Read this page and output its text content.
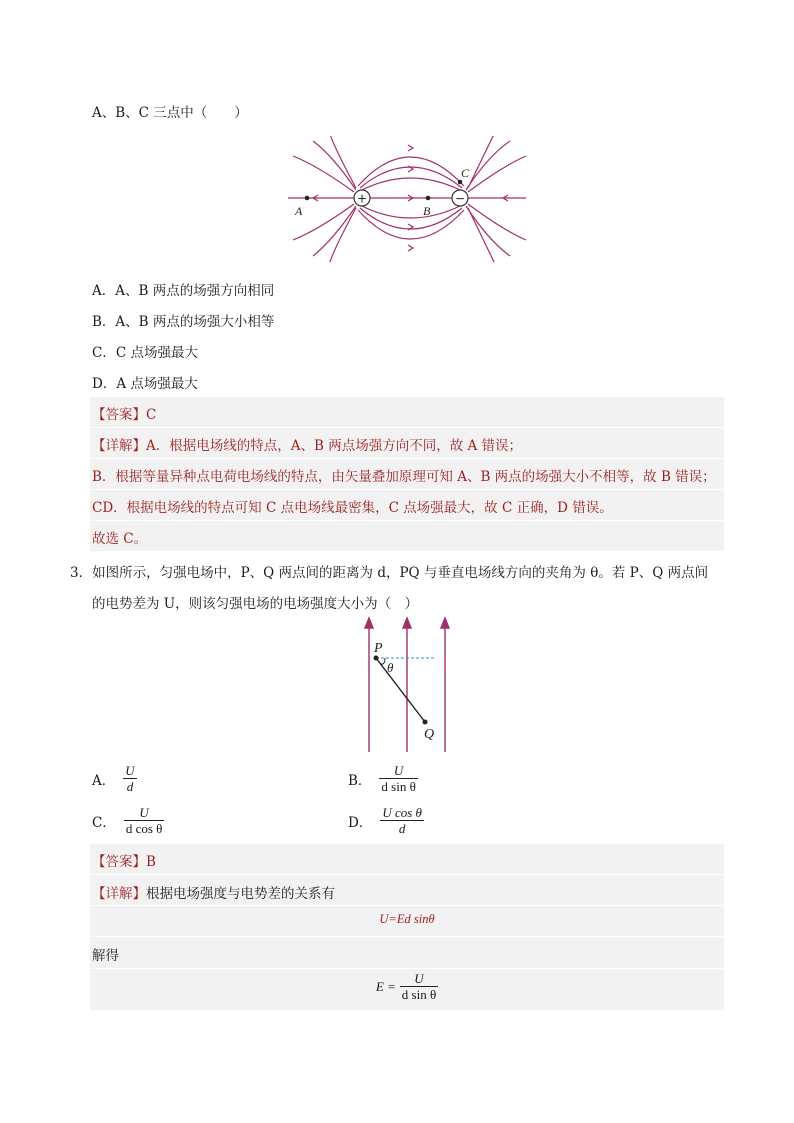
A、B、C 三点中（　　）
+	−
A	B
C
A．A、B 两点的场强方向相同
B．A、B 两点的场强大小相等
C．C 点场强最大
D．A 点场强最大
【答案】C
【详解】A．根据电场线的特点，A、B 两点场强方向不同，故 A 错误；
B．根据等量异种点电荷电场线的特点，由矢量叠加原理可知 A、B 两点的场强大小不相等，故 B 错误；
CD．根据电场线的特点可知 C 点电场线最密集，C 点场强最大，故 C 正确，D 错误。
故选 C。
3．如图所示，匀强电场中，P、Q 两点间的距离为 d，PQ 与垂直电场线方向的夹角为 θ。若 P、Q 两点间
的电势差为 U，则该匀强电场的电场强度大小为（　）
P
θ
Q
A． $\frac{U}{d}$	B． $\frac{U}{\text{d sin θ}}$
C． $\frac{U}{\text{d cos θ}}$	D． $\frac{\text{U cos θ}}{d}$
【答案】B
【详解】根据电场强度与电势差的关系有
U=Ed sinθ
解得
$E = \frac{U}{\text{d sin θ}}$
